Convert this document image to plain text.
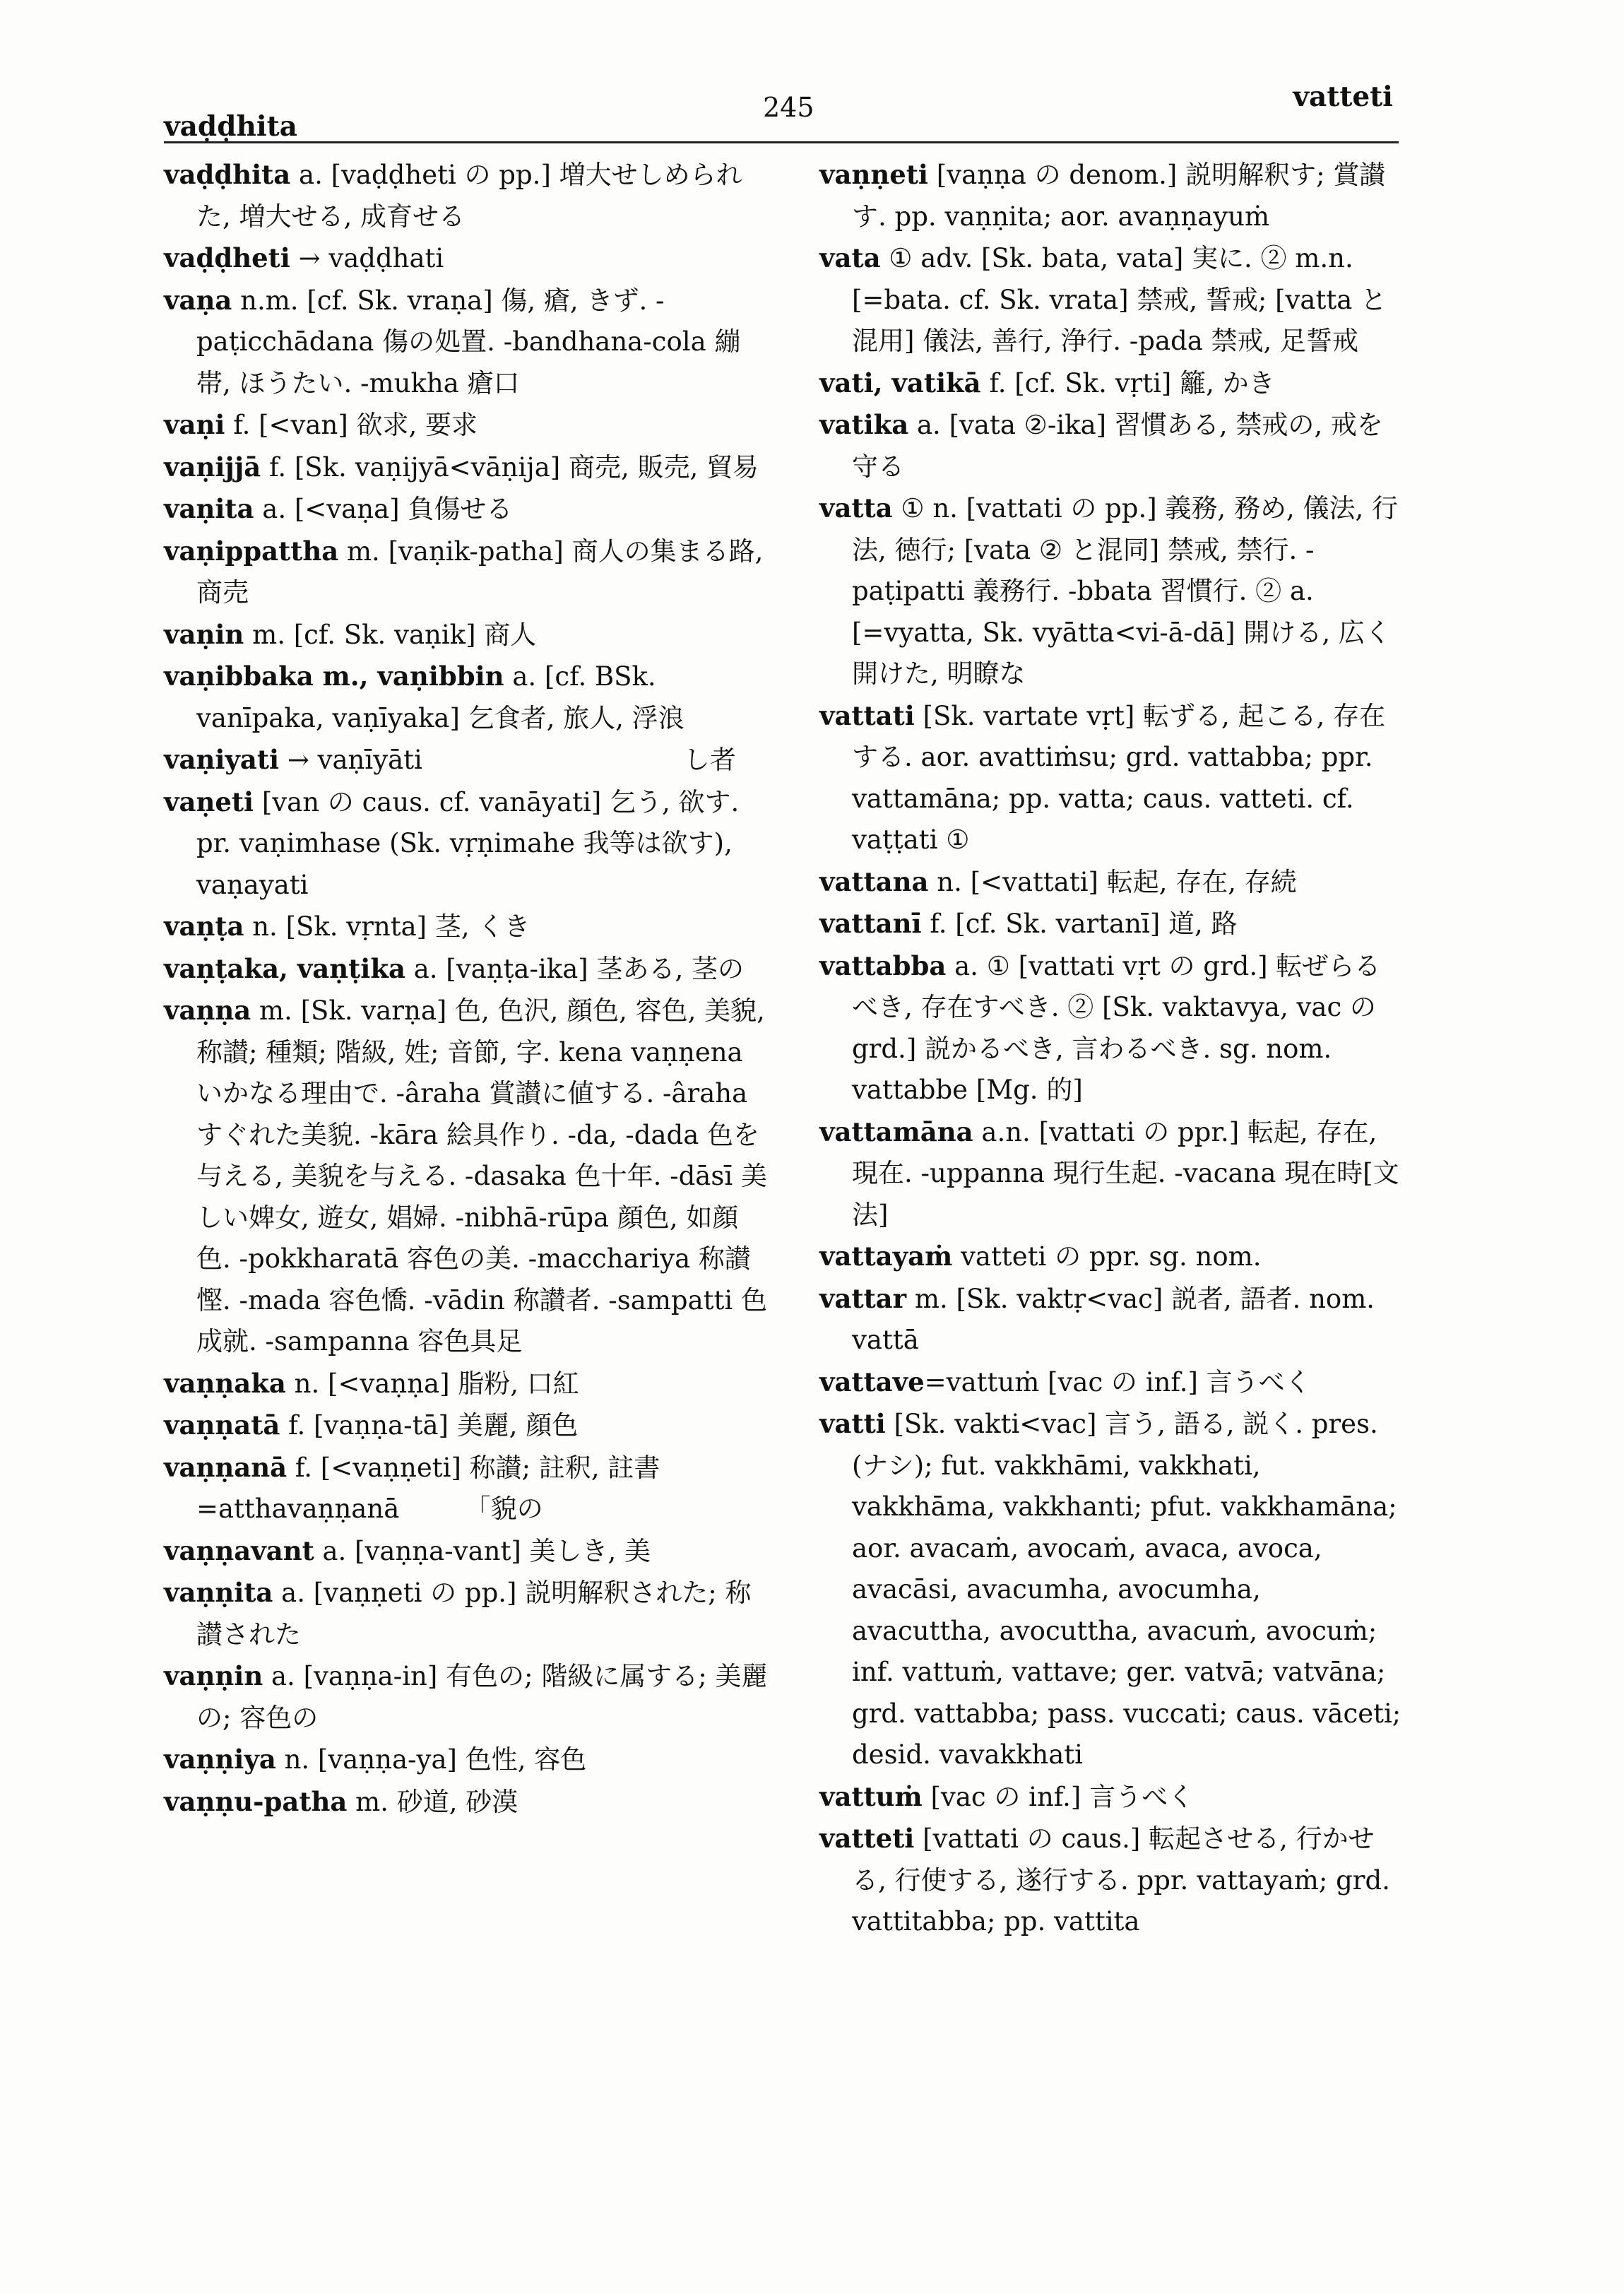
vaḍḍhita
245	vatteti

vaḍḍhita a. [vaḍḍheti の pp.] 増大せしめられた, 増大せる, 成育せる

vaḍḍheti → vaḍḍhati

vaṇa n.m. [cf. Sk. vraṇa] 傷, 瘡, きず. -paṭicchādana 傷の処置. -bandhana-cola 繃帯, ほうたい. -mukha 瘡口

vaṇi f. [<van] 欲求, 要求

vaṇijjā f. [Sk. vaṇijyā<vāṇija] 商売, 販売, 貿易

vaṇita a. [<vaṇa] 負傷せる

vaṇippattha m. [vaṇik-patha] 商人の集まる路, 商売

vaṇin m. [cf. Sk. vaṇik] 商人

vaṇibbaka m., vaṇibbin a. [cf. BSk. vanīpaka, vaṇīyaka] 乞食者, 旅人, 浮浪

vaṇiyati → vaṇīyāti　　　　　　　　　　し者

vaṇeti [van の caus. cf. vanāyati] 乞う, 欲す. pr. vaṇimhase (Sk. vṛṇimahe 我等は欲す), vaṇayati

vaṇṭa n. [Sk. vṛnta] 茎, くき

vaṇṭaka, vaṇṭika a. [vaṇṭa-ika] 茎ある, 茎の

vaṇṇa m. [Sk. varṇa] 色, 色沢, 顔色, 容色, 美貌, 称讃; 種類; 階級, 姓; 音節, 字. kena vaṇṇena いかなる理由で. -âraha 賞讃に値する. -âraha すぐれた美貌. -kāra 絵具作り. -da, -dada 色を与える, 美貌を与える. -dasaka 色十年. -dāsī 美しい婢女, 遊女, 娼婦. -nibhā-rūpa 顔色, 如顔色. -pokkharatā 容色の美. -macchariya 称讃慳. -mada 容色憍. -vādin 称讃者. -sampatti 色成就. -sampanna 容色具足

vaṇṇaka n. [<vaṇṇa] 脂粉, 口紅

vaṇṇatā f. [vaṇṇa-tā] 美麗, 顔色

vaṇṇanā f. [<vaṇṇeti] 称讃; 註釈, 註書=atthavaṇṇanā　　　「貌の

vaṇṇavant a. [vaṇṇa-vant] 美しき, 美

vaṇṇita a. [vaṇṇeti の pp.] 説明解釈された; 称讃された

vaṇṇin a. [vaṇṇa-in] 有色の; 階級に属する; 美麗の; 容色の

vaṇṇiya n. [vaṇṇa-ya] 色性, 容色

vaṇṇu-patha m. 砂道, 砂漠

vaṇṇeti [vaṇṇa の denom.] 説明解釈す; 賞讃す. pp. vaṇṇita; aor. avaṇṇayuṁ

vata ① adv. [Sk. bata, vata] 実に. ② m.n. [=bata. cf. Sk. vrata] 禁戒, 誓戒; [vatta と混用] 儀法, 善行, 浄行. -pada 禁戒, 足誓戒

vati, vatikā f. [cf. Sk. vṛti] 籬, かき

vatika a. [vata ②-ika] 習慣ある, 禁戒の, 戒を守る

vatta ① n. [vattati の pp.] 義務, 務め, 儀法, 行法, 徳行; [vata ② と混同] 禁戒, 禁行. -paṭipatti 義務行. -bbata 習慣行. ② a. [=vyatta, Sk. vyātta<vi-ā-dā] 開ける, 広く開けた, 明瞭な

vattati [Sk. vartate vṛt] 転ずる, 起こる, 存在する. aor. avattiṁsu; grd. vattabba; ppr. vattamāna; pp. vatta; caus. vatteti. cf. vaṭṭati ①

vattana n. [<vattati] 転起, 存在, 存続

vattanī f. [cf. Sk. vartanī] 道, 路

vattabba a. ① [vattati vṛt の grd.] 転ぜらるべき, 存在すべき. ② [Sk. vaktavya, vac の grd.] 説かるべき, 言わるべき. sg. nom. vattabbe [Mg. 的]

vattamāna a.n. [vattati の ppr.] 転起, 存在, 現在. -uppanna 現行生起. -vacana 現在時[文法]

vattayaṁ vatteti の ppr. sg. nom.

vattar m. [Sk. vaktṛ<vac] 説者, 語者. nom. vattā

vattave=vattuṁ [vac の inf.] 言うべく

vatti [Sk. vakti<vac] 言う, 語る, 説く. pres. (ナシ); fut. vakkhāmi, vakkhati, vakkhāma, vakkhanti; pfut. vakkhamāna; aor. avacaṁ, avocaṁ, avaca, avoca, avacāsi, avacumha, avocumha, avacuttha, avocuttha, avacuṁ, avocuṁ; inf. vattuṁ, vattave; ger. vatvā; vatvāna; grd. vattabba; pass. vuccati; caus. vāceti; desid. vavakkhati

vattuṁ [vac の inf.] 言うべく

vatteti [vattati の caus.] 転起させる, 行かせる, 行使する, 遂行する. ppr. vattayaṁ; grd. vattitabba; pp. vattita
